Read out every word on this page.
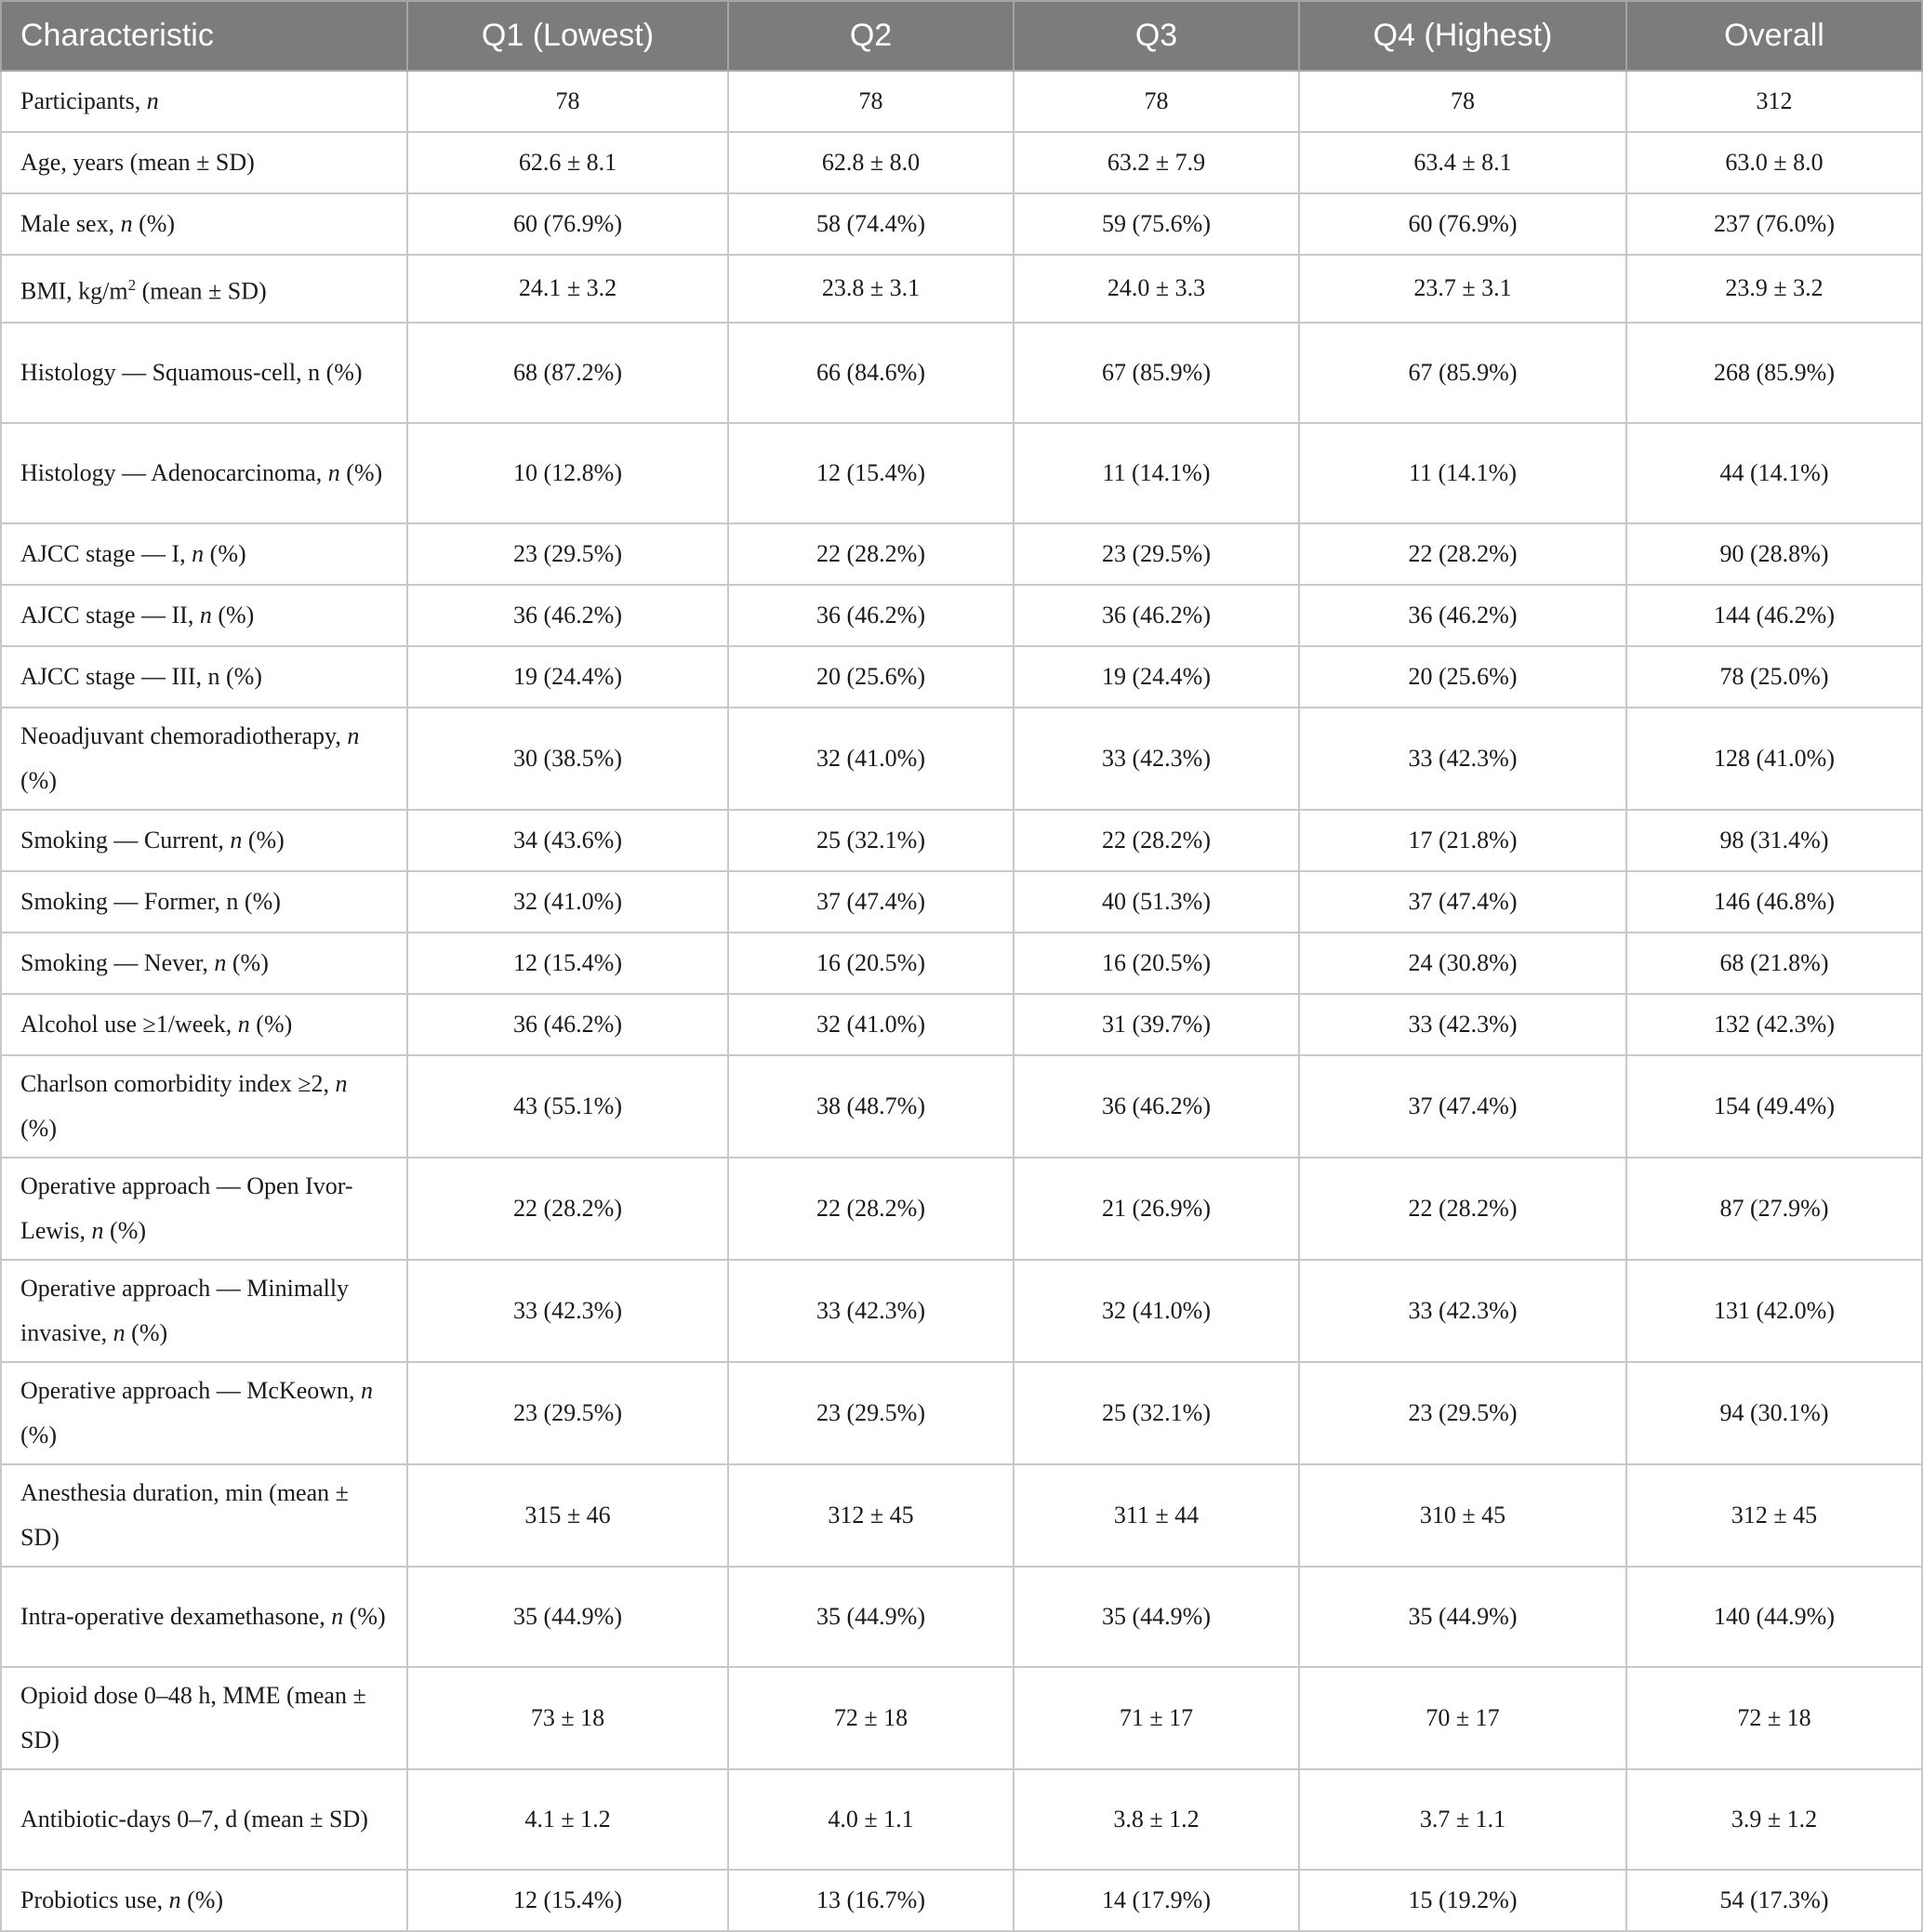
Characteristic	Q1 (Lowest)	Q2	Q3	Q4 (Highest)	Overall
Participants, n	78	78	78	78	312
Age, years (mean ± SD)	62.6 ± 8.1	62.8 ± 8.0	63.2 ± 7.9	63.4 ± 8.1	63.0 ± 8.0
Male sex, n (%)	60 (76.9%)	58 (74.4%)	59 (75.6%)	60 (76.9%)	237 (76.0%)
BMI, $kg/m^2$ (mean ± SD)	24.1 ± 3.2	23.8 ± 3.1	24.0 ± 3.3	23.7 ± 3.1	23.9 ± 3.2
Histology — Squamous-cell, n (%)	68 (87.2%)	66 (84.6%)	67 (85.9%)	67 (85.9%)	268 (85.9%)
Histology — Adenocarcinoma, n (%)	10 (12.8%)	12 (15.4%)	11 (14.1%)	11 (14.1%)	44 (14.1%)
AJCC stage — I, n (%)	23 (29.5%)	22 (28.2%)	23 (29.5%)	22 (28.2%)	90 (28.8%)
AJCC stage — II, n (%)	36 (46.2%)	36 (46.2%)	36 (46.2%)	36 (46.2%)	144 (46.2%)
AJCC stage — III, n (%)	19 (24.4%)	20 (25.6%)	19 (24.4%)	20 (25.6%)	78 (25.0%)
Neoadjuvant chemoradiotherapy, n (%)	30 (38.5%)	32 (41.0%)	33 (42.3%)	33 (42.3%)	128 (41.0%)
Smoking — Current, n (%)	34 (43.6%)	25 (32.1%)	22 (28.2%)	17 (21.8%)	98 (31.4%)
Smoking — Former, n (%)	32 (41.0%)	37 (47.4%)	40 (51.3%)	37 (47.4%)	146 (46.8%)
Smoking — Never, n (%)	12 (15.4%)	16 (20.5%)	16 (20.5%)	24 (30.8%)	68 (21.8%)
Alcohol use ≥1/week, n (%)	36 (46.2%)	32 (41.0%)	31 (39.7%)	33 (42.3%)	132 (42.3%)
Charlson comorbidity index ≥2, n (%)	43 (55.1%)	38 (48.7%)	36 (46.2%)	37 (47.4%)	154 (49.4%)
Operative approach — Open Ivor-Lewis, n (%)	22 (28.2%)	22 (28.2%)	21 (26.9%)	22 (28.2%)	87 (27.9%)
Operative approach — Minimally invasive, n (%)	33 (42.3%)	33 (42.3%)	32 (41.0%)	33 (42.3%)	131 (42.0%)
Operative approach — McKeown, n (%)	23 (29.5%)	23 (29.5%)	25 (32.1%)	23 (29.5%)	94 (30.1%)
Anesthesia duration, min (mean ± SD)	315 ± 46	312 ± 45	311 ± 44	310 ± 45	312 ± 45
Intra-operative dexamethasone, n (%)	35 (44.9%)	35 (44.9%)	35 (44.9%)	35 (44.9%)	140 (44.9%)
Opioid dose 0–48 h, MME (mean ± SD)	73 ± 18	72 ± 18	71 ± 17	70 ± 17	72 ± 18
Antibiotic-days 0–7, d (mean ± SD)	4.1 ± 1.2	4.0 ± 1.1	3.8 ± 1.2	3.7 ± 1.1	3.9 ± 1.2
Probiotics use, n (%)	12 (15.4%)	13 (16.7%)	14 (17.9%)	15 (19.2%)	54 (17.3%)
